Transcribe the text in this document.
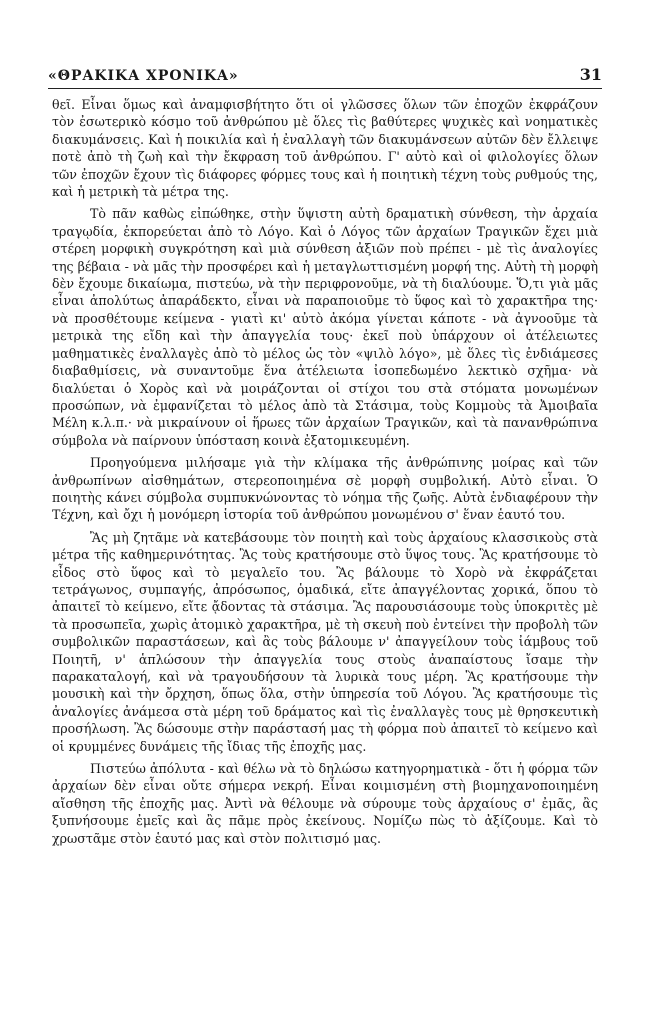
«ΘΡΑΚΙΚΑ ΧΡΟΝΙΚΑ»	31

θεῖ. Εἶναι ὅμως καὶ ἀναμφισβήτητο ὅτι οἱ γλῶσσες ὅλων τῶν ἐποχῶν ἐκφράζουν τὸν ἐσωτερικὸ κόσμο τοῦ ἀνθρώπου μὲ ὅλες τὶς βαθύτερες ψυχικὲς καὶ νοηματικὲς διακυμάνσεις. Καὶ ἡ ποικιλία καὶ ἡ ἐναλλαγὴ τῶν διακυμάνσεων αὐτῶν δὲν ἔλλειψε ποτὲ ἀπὸ τὴ ζωὴ καὶ τὴν ἔκφραση τοῦ ἀνθρώπου. Γ' αὐτὸ καὶ οἱ φιλολογίες ὅλων τῶν ἐποχῶν ἔχουν τὶς διάφορες φόρμες τους καὶ ἡ ποιητικὴ τέχνη τοὺς ρυθμούς της, καὶ ἡ μετρικὴ τὰ μέτρα της.

Τὸ πᾶν καθὼς εἰπώθηκε, στὴν ὕψιστη αὐτὴ δραματικὴ σύνθεση, τὴν ἀρχαία τραγῳδία, ἐκπορεύεται ἀπὸ τὸ Λόγο. Καὶ ὁ Λόγος τῶν ἀρχαίων Τραγικῶν ἔχει μιὰ στέρεη μορφικὴ συγκρότηση καὶ μιὰ σύνθεση ἀξιῶν ποὺ πρέπει - μὲ τὶς ἀναλογίες της βέβαια - νὰ μᾶς τὴν προσφέρει καὶ ἡ μεταγλωττισμένη μορφή της. Αὐτὴ τὴ μορφὴ δὲν ἔχουμε δικαίωμα, πιστεύω, νὰ τὴν περιφρονοῦμε, νὰ τὴ διαλύουμε. Ὅ,τι γιὰ μᾶς εἶναι ἀπολύτως ἀπαράδεκτο, εἶναι νὰ παραποιοῦμε τὸ ὕφος καὶ τὸ χαρακτῆρα της· νὰ προσθέτουμε κείμενα - γιατὶ κι' αὐτὸ ἀκόμα γίνεται κάποτε - νὰ ἀγνοοῦμε τὰ μετρικὰ της εἴδη καὶ τὴν ἀπαγγελία τους· ἐκεῖ ποὺ ὑπάρχουν οἱ ἀτέλειωτες μαθηματικὲς ἐναλλαγὲς ἀπὸ τὸ μέλος ὡς τὸν «ψιλὸ λόγο», μὲ ὅλες τὶς ἐνδιάμεσες διαβαθμίσεις, νὰ συναντοῦμε ἕνα ἀτέλειωτα ἰσοπεδωμένο λεκτικὸ σχῆμα· νὰ διαλύεται ὁ Χορὸς καὶ νὰ μοιράζονται οἱ στίχοι του στὰ στόματα μονωμένων προσώπων, νὰ ἐμφανίζεται τὸ μέλος ἀπὸ τὰ Στάσιμα, τοὺς Κομμοὺς τὰ Ἀμοιβαῖα Μέλη κ.λ.π.· νὰ μικραίνουν οἱ ἥρωες τῶν ἀρχαίων Τραγικῶν, καὶ τὰ πανανθρώπινα σύμβολα νὰ παίρνουν ὑπόσταση κοινὰ ἐξατομικευμένη.

Προηγούμενα μιλήσαμε γιὰ τὴν κλίμακα τῆς ἀνθρώπινης μοίρας καὶ τῶν ἀνθρωπίνων αἰσθημάτων, στερεοποιημένα σὲ μορφὴ συμβολική. Αὐτὸ εἶναι. Ὁ ποιητὴς κάνει σύμβολα συμπυκνώνοντας τὸ νόημα τῆς ζωῆς. Αὐτὰ ἐνδιαφέρουν τὴν Τέχνη, καὶ ὄχι ἡ μονόμερη ἱστορία τοῦ ἀνθρώπου μονωμένου σ' ἕναν ἑαυτό του.

Ἂς μὴ ζητᾶμε νὰ κατεβάσουμε τὸν ποιητὴ καὶ τοὺς ἀρχαίους κλασσικοὺς στὰ μέτρα τῆς καθημερινότητας. Ἂς τοὺς κρατήσουμε στὸ ὕψος τους. Ἂς κρατήσουμε τὸ εἶδος στὸ ὕφος καὶ τὸ μεγαλεῖο του. Ἂς βάλουμε τὸ Χορὸ νὰ ἐκφράζεται τετράγωνος, συμπαγής, ἀπρόσωπος, ὁμαδικά, εἴτε ἀπαγγέλοντας χορικά, ὅπου τὸ ἀπαιτεῖ τὸ κείμενο, εἴτε ᾄδοντας τὰ στάσιμα. Ἂς παρουσιάσουμε τοὺς ὑποκριτὲς μὲ τὰ προσωπεῖα, χωρὶς ἀτομικὸ χαρακτῆρα, μὲ τὴ σκευὴ ποὺ ἐντείνει τὴν προβολὴ τῶν συμβολικῶν παραστάσεων, καὶ ἂς τοὺς βάλουμε ν' ἀπαγγείλουν τοὺς ἰάμβους τοῦ Ποιητῆ, ν' ἁπλώσουν τὴν ἀπαγγελία τους στοὺς ἀναπαίστους ἴσαμε τὴν παρακαταλογή, καὶ νὰ τραγουδήσουν τὰ λυρικὰ τους μέρη. Ἂς κρατήσουμε τὴν μουσικὴ καὶ τὴν ὄρχηση, ὅπως ὅλα, στὴν ὑπηρεσία τοῦ Λόγου. Ἂς κρατήσουμε τὶς ἀναλογίες ἀνάμεσα στὰ μέρη τοῦ δράματος καὶ τὶς ἐναλλαγὲς τους μὲ θρησκευτικὴ προσήλωση. Ἂς δώσουμε στὴν παράστασή μας τὴ φόρμα ποὺ ἀπαιτεῖ τὸ κείμενο καὶ οἱ κρυμμένες δυνάμεις τῆς ἴδιας τῆς ἐποχῆς μας.

Πιστεύω ἀπόλυτα - καὶ θέλω νὰ τὸ δηλώσω κατηγορηματικὰ - ὅτι ἡ φόρμα τῶν ἀρχαίων δὲν εἶναι οὔτε σήμερα νεκρή. Εἶναι κοιμισμένη στὴ βιομηχανοποιημένη αἴσθηση τῆς ἐποχῆς μας. Ἀντὶ νὰ θέλουμε νὰ σύρουμε τοὺς ἀρχαίους σ' ἐμᾶς, ἂς ξυπνήσουμε ἐμεῖς καὶ ἂς πᾶμε πρὸς ἐκείνους. Νομίζω πὼς τὸ ἀξίζουμε. Καὶ τὸ χρωστᾶμε στὸν ἑαυτό μας καὶ στὸν πολιτισμό μας.
